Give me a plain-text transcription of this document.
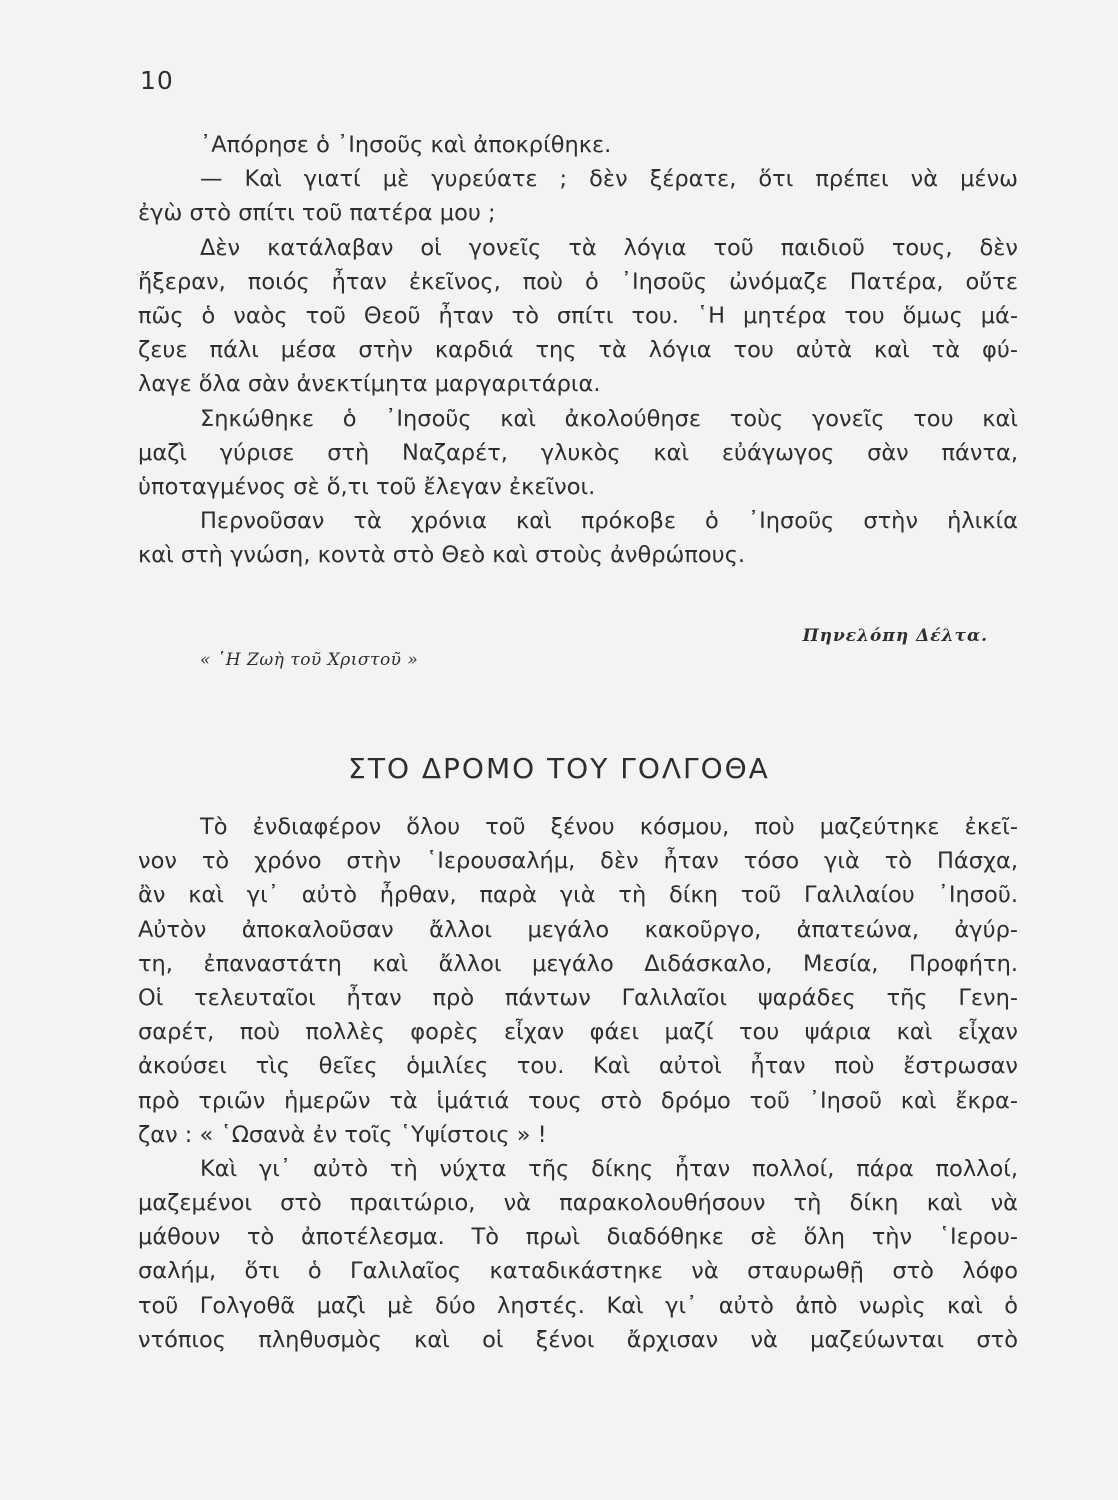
10
᾿Απόρησε ὁ ᾿Ιησοῦς καὶ ἀποκρίθηκε.
— Καὶ γιατί μὲ γυρεύατε ; δὲν ξέρατε, ὅτι πρέπει νὰ μένω
ἐγὼ στὸ σπίτι τοῦ πατέρα μου ;
Δὲν κατάλαβαν οἱ γονεῖς τὰ λόγια τοῦ παιδιοῦ τους, δὲν
ἤξεραν, ποιός ἦταν ἐκεῖνος, ποὺ ὁ ᾿Ιησοῦς ὠνόμαζε Πατέρα, οὔτε
πῶς ὁ ναὸς τοῦ Θεοῦ ἦταν τὸ σπίτι του. ῾Η μητέρα του ὅμως μά-
ζευε πάλι μέσα στὴν καρδιά της τὰ λόγια του αὐτὰ καὶ τὰ φύ-
λαγε ὅλα σὰν ἀνεκτίμητα μαργαριτάρια.
Σηκώθηκε ὁ ᾿Ιησοῦς καὶ ἀκολούθησε τοὺς γονεῖς του καὶ
μαζὶ γύρισε στὴ Ναζαρέτ, γλυκὸς καὶ εὐάγωγος σὰν πάντα,
ὑποταγμένος σὲ ὅ,τι τοῦ ἔλεγαν ἐκεῖνοι.
Περνοῦσαν τὰ χρόνια καὶ πρόκοβε ὁ ᾿Ιησοῦς στὴν ἡλικία
καὶ στὴ γνώση, κοντὰ στὸ Θεὸ καὶ στοὺς ἀνθρώπους.
Πηνελόπη Δέλτα.
« ῾Η Ζωὴ τοῦ Χριστοῦ »
ΣΤΟ ΔΡΟΜΟ ΤΟΥ ΓΟΛΓΟΘΑ
Τὸ ἐνδιαφέρον ὅλου τοῦ ξένου κόσμου, ποὺ μαζεύτηκε ἐκεῖ-
νον τὸ χρόνο στὴν ῾Ιερουσαλήμ, δὲν ἦταν τόσο γιὰ τὸ Πάσχα,
ἂν καὶ γι᾿ αὐτὸ ἦρθαν, παρὰ γιὰ τὴ δίκη τοῦ Γαλιλαίου ᾿Ιησοῦ.
Αὐτὸν ἀποκαλοῦσαν ἄλλοι μεγάλο κακοῦργο, ἀπατεώνα, ἀγύρ-
τη, ἐπαναστάτη καὶ ἄλλοι μεγάλο Διδάσκαλο, Μεσία, Προφήτη.
Οἱ τελευταῖοι ἦταν πρὸ πάντων Γαλιλαῖοι ψαράδες τῆς Γενη-
σαρέτ, ποὺ πολλὲς φορὲς εἶχαν φάει μαζί του ψάρια καὶ εἶχαν
ἀκούσει τὶς θεῖες ὁμιλίες του. Καὶ αὐτοὶ ἦταν ποὺ ἔστρωσαν
πρὸ τριῶν ἡμερῶν τὰ ἱμάτιά τους στὸ δρόμο τοῦ ᾿Ιησοῦ καὶ ἔκρα-
ζαν : « ῾Ωσανὰ ἐν τοῖς ῾Υψίστοις » !
Καὶ γι᾿ αὐτὸ τὴ νύχτα τῆς δίκης ἦταν πολλοί, πάρα πολλοί,
μαζεμένοι στὸ πραιτώριο, νὰ παρακολουθήσουν τὴ δίκη καὶ νὰ
μάθουν τὸ ἀποτέλεσμα. Τὸ πρωὶ διαδόθηκε σὲ ὅλη τὴν ῾Ιερου-
σαλήμ, ὅτι ὁ Γαλιλαῖος καταδικάστηκε νὰ σταυρωθῇ στὸ λόφο
τοῦ Γολγοθᾶ μαζὶ μὲ δύο ληστές. Καὶ γι᾿ αὐτὸ ἀπὸ νωρὶς καὶ ὁ
ντόπιος πληθυσμὸς καὶ οἱ ξένοι ἄρχισαν νὰ μαζεύωνται στὸ
